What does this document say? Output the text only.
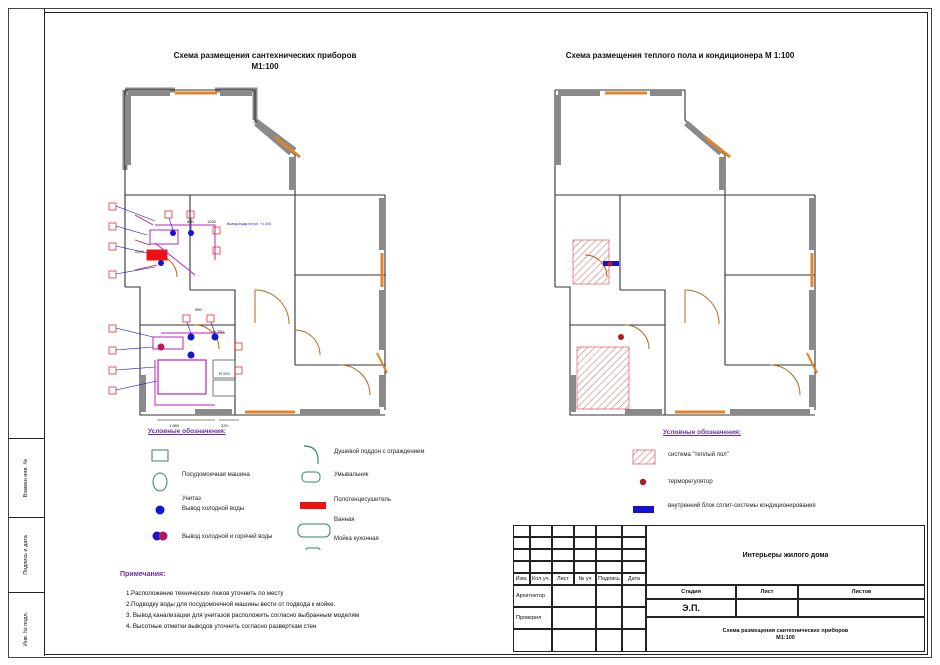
Взамен инв. №
Подпись и дата
Инв. № подл.
Схема размещения сантехнических приборов
М1:100
Схема размещения теплого пола и кондиционера М 1:100
800	1200	Вывод воды на уст. +1,200
2200
950
R 220
R 250
1 880	220
Условные обозначения:
Посудомоечная машина
Унитаз
Вывод холодной воды
Вывод холодной и горячей воды
Душевой поддон с ограждением
Умывальник
Полотенцесушитель
Ванная
Мойка кухонная
Условные обозначения:
система "теплый пол"
терморегулятор
внутренний блок сплит-системы кондиционирования
Примечания:
1.Расположение технических люков уточнить по месту
2.Подводку воды для посудомоечной машины вести от подвода к мойке.
3. Вывод канализации для унитазов расположить согласно выбранным моделям
4. Высотные отметки выводов уточнить согласно разверткам стен
Изм. Кол.уч.	Лист	№ уч	Подпись	Дата
Архитектор
Проверил
Интерьеры жилого дома
Стадия	Лист	Листов
Э.П.
Схема размещения сантехнических приборов
М1:100
